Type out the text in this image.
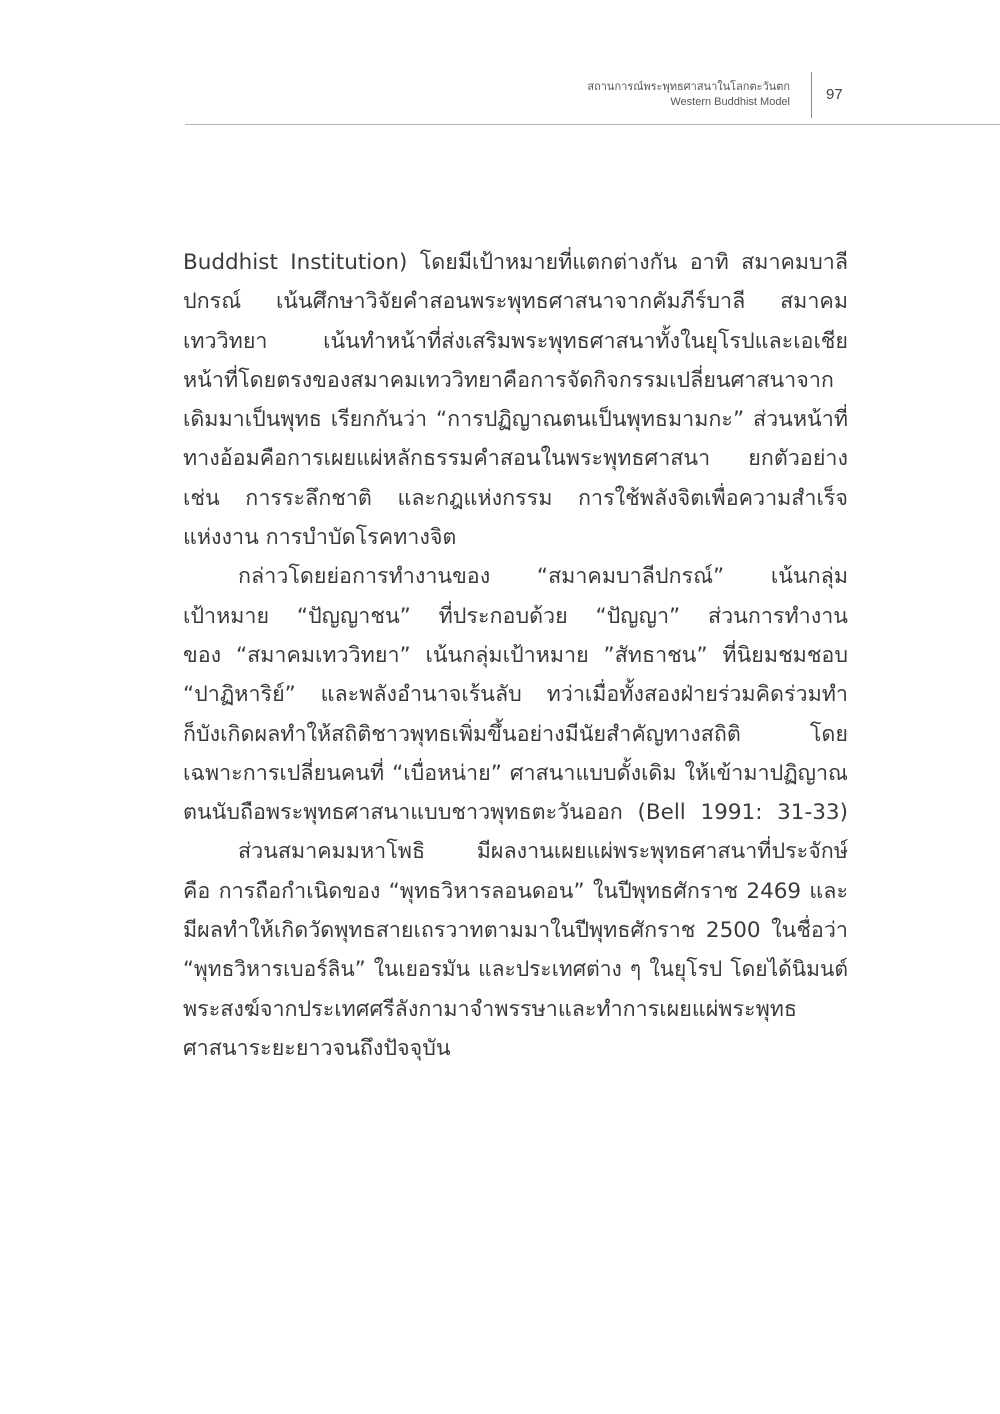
สถานการณ์พระพุทธศาสนาในโลกตะวันตก
Western Buddhist Model 97
Buddhist Institution) โดยมีเป้าหมายที่แตกต่างกัน อาทิ สมาคมบาลี
ปกรณ์ เน้นศึกษาวิจัยคำสอนพระพุทธศาสนาจากคัมภีร์บาลี สมาคม
เทววิทยา เน้นทำหน้าที่ส่งเสริมพระพุทธศาสนาทั้งในยุโรปและเอเชีย
หน้าที่โดยตรงของสมาคมเทววิทยาคือการจัดกิจกรรมเปลี่ยนศาสนาจาก
เดิมมาเป็นพุทธ เรียกกันว่า “การปฏิญาณตนเป็นพุทธมามกะ” ส่วนหน้าที่
ทางอ้อมคือการเผยแผ่หลักธรรมคำสอนในพระพุทธศาสนา ยกตัวอย่าง
เช่น การระลึกชาติ และกฎแห่งกรรม การใช้พลังจิตเพื่อความสำเร็จ
แห่งงาน การบำบัดโรคทางจิต
กล่าวโดยย่อการทำงานของ “สมาคมบาลีปกรณ์” เน้นกลุ่ม
เป้าหมาย “ปัญญาชน” ที่ประกอบด้วย “ปัญญา” ส่วนการทำงาน
ของ “สมาคมเทววิทยา” เน้นกลุ่มเป้าหมาย ”สัทธาชน” ที่นิยมชมชอบ
“ปาฏิหาริย์” และพลังอำนาจเร้นลับ ทว่าเมื่อทั้งสองฝ่ายร่วมคิดร่วมทำ
ก็บังเกิดผลทำให้สถิติชาวพุทธเพิ่มขึ้นอย่างมีนัยสำคัญทางสถิติ โดย
เฉพาะการเปลี่ยนคนที่ “เบื่อหน่าย” ศาสนาแบบดั้งเดิม ให้เข้ามาปฏิญาณ
ตนนับถือพระพุทธศาสนาแบบชาวพุทธตะวันออก (Bell 1991: 31-33)
ส่วนสมาคมมหาโพธิ มีผลงานเผยแผ่พระพุทธศาสนาที่ประจักษ์
คือ การถือกำเนิดของ “พุทธวิหารลอนดอน” ในปีพุทธศักราช 2469 และ
มีผลทำให้เกิดวัดพุทธสายเถรวาทตามมาในปีพุทธศักราช 2500 ในชื่อว่า
“พุทธวิหารเบอร์ลิน” ในเยอรมัน และประเทศต่าง ๆ ในยุโรป โดยได้นิมนต์
พระสงฆ์จากประเทศศรีลังกามาจำพรรษาและทำการเผยแผ่พระพุทธ
ศาสนาระยะยาวจนถึงปัจจุบัน
